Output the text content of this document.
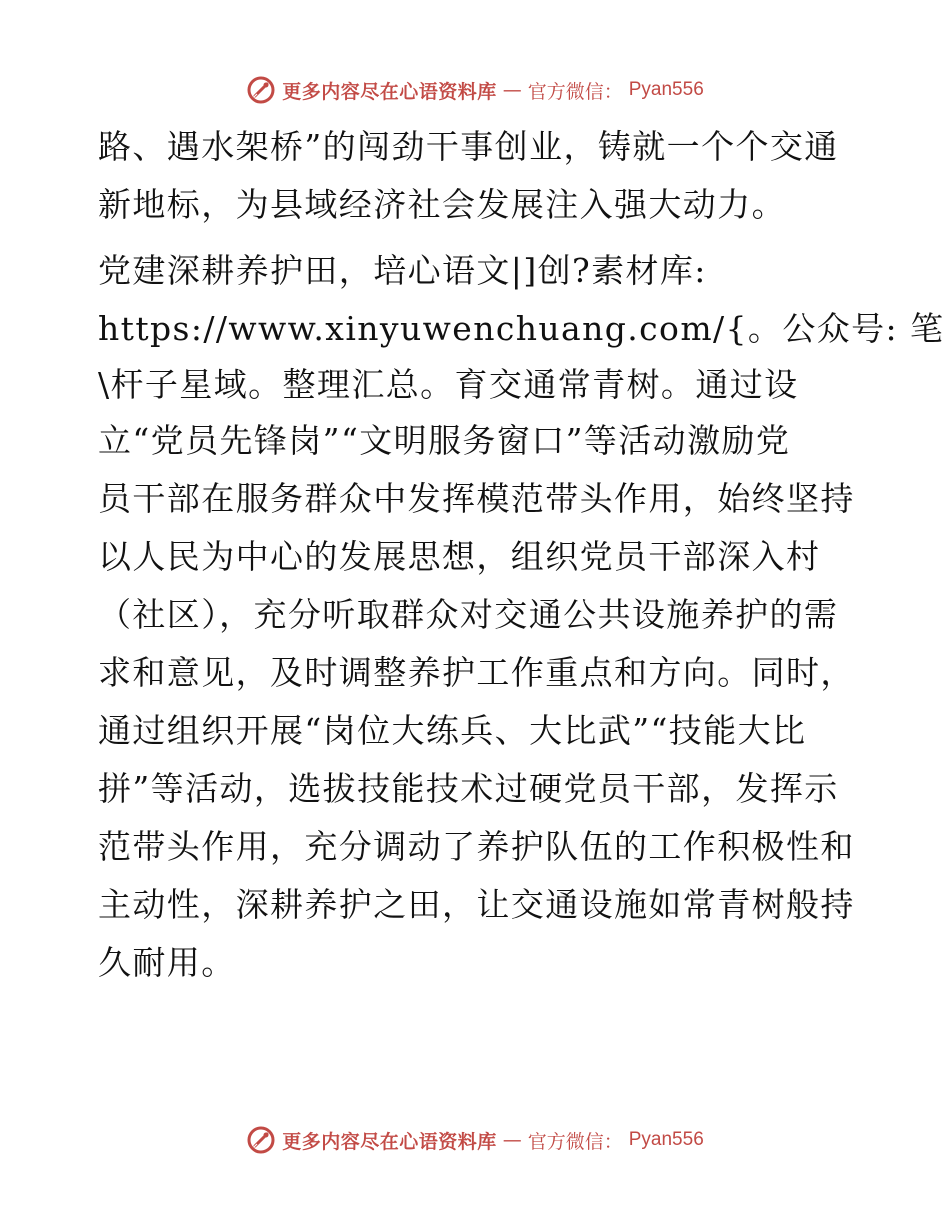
更多内容尽在心语资料库 — 官方微信： Pyan556
路、遇水架桥”的闯劲干事创业，铸就一个个交通
新地标，为县域经济社会发展注入强大动力。
党建深耕养护田，培心语文|]创?素材库:
https://www.xinyuwenchuang.com/{。公众号: 笔
\杆子星域。整理汇总。育交通常青树。通过设
立“党员先锋岗”“文明服务窗口”等活动激励党
员干部在服务群众中发挥模范带头作用，始终坚持
以人民为中心的发展思想，组织党员干部深入村
（社区），充分听取群众对交通公共设施养护的需
求和意见，及时调整养护工作重点和方向。同时，
通过组织开展“岗位大练兵、大比武”“技能大比
拼”等活动，选拔技能技术过硬党员干部，发挥示
范带头作用，充分调动了养护队伍的工作积极性和
主动性，深耕养护之田，让交通设施如常青树般持
久耐用。
更多内容尽在心语资料库 — 官方微信： Pyan556
